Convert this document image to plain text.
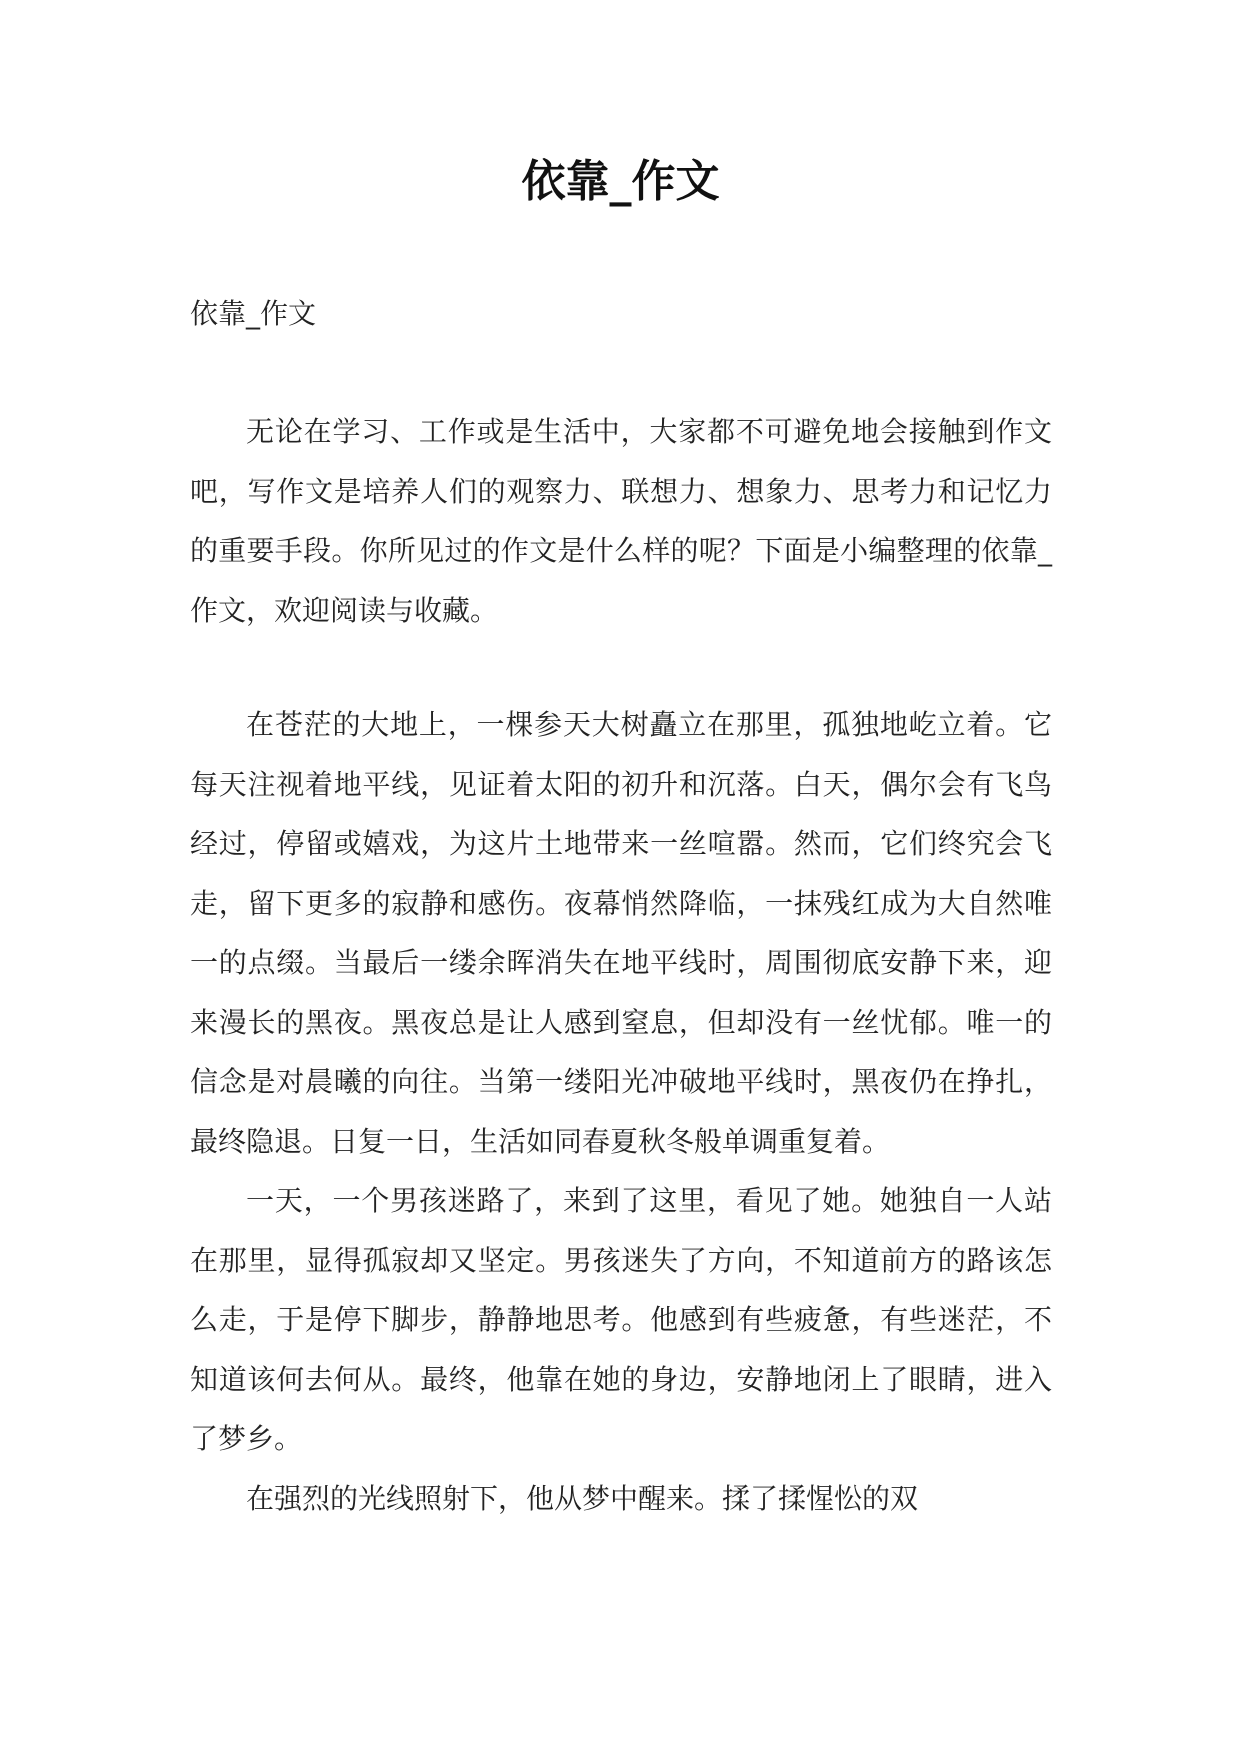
依靠_作文
依靠_作文

无论在学习、工作或是生活中，大家都不可避免地会接触到作文吧，写作文是培养人们的观察力、联想力、想象力、思考力和记忆力的重要手段。你所见过的作文是什么样的呢？下面是小编整理的依靠_作文，欢迎阅读与收藏。

在苍茫的大地上，一棵参天大树矗立在那里，孤独地屹立着。它每天注视着地平线，见证着太阳的初升和沉落。白天，偶尔会有飞鸟经过，停留或嬉戏，为这片土地带来一丝喧嚣。然而，它们终究会飞走，留下更多的寂静和感伤。夜幕悄然降临，一抹残红成为大自然唯一的点缀。当最后一缕余晖消失在地平线时，周围彻底安静下来，迎来漫长的黑夜。黑夜总是让人感到窒息，但却没有一丝忧郁。唯一的信念是对晨曦的向往。当第一缕阳光冲破地平线时，黑夜仍在挣扎，最终隐退。日复一日，生活如同春夏秋冬般单调重复着。

一天，一个男孩迷路了，来到了这里，看见了她。她独自一人站在那里，显得孤寂却又坚定。男孩迷失了方向，不知道前方的路该怎么走，于是停下脚步，静静地思考。他感到有些疲惫，有些迷茫，不知道该何去何从。最终，他靠在她的身边，安静地闭上了眼睛，进入了梦乡。

在强烈的光线照射下，他从梦中醒来。揉了揉惺忪的双
